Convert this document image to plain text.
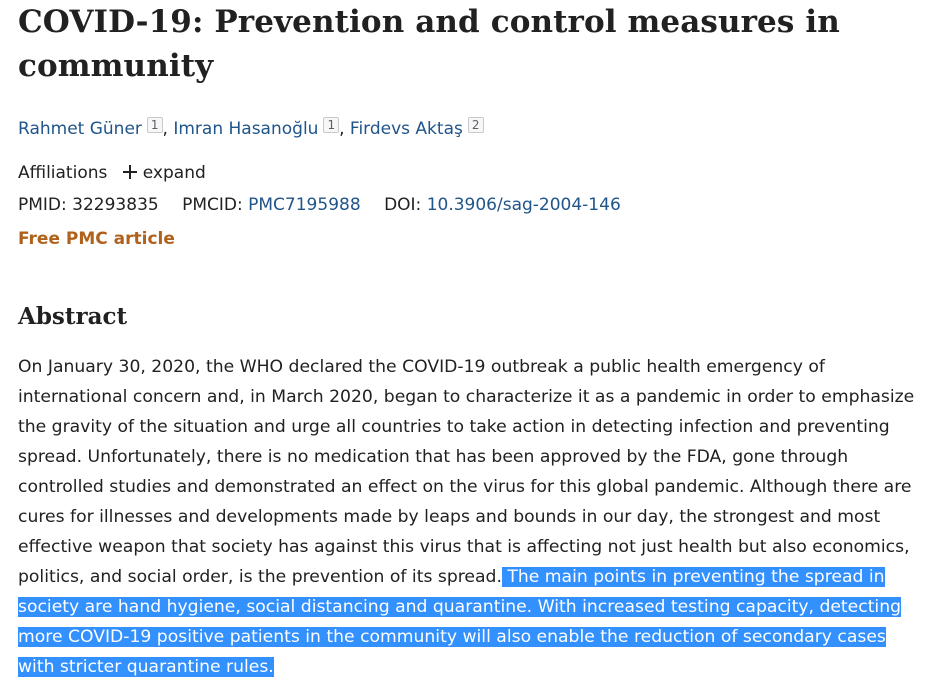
COVID-19: Prevention and control measures in community
Rahmet Güner 1 , Imran Hasanoğlu 1 , Firdevs Aktaş 2
Affiliations expand
PMID: 32293835 PMCID: PMC7195988 DOI: 10.3906/sag-2004-146
Free PMC article
Abstract
On January 30, 2020, the WHO declared the COVID-19 outbreak a public health emergency of international concern and, in March 2020, began to characterize it as a pandemic in order to emphasize the gravity of the situation and urge all countries to take action in detecting infection and preventing spread. Unfortunately, there is no medication that has been approved by the FDA, gone through controlled studies and demonstrated an effect on the virus for this global pandemic. Although there are cures for illnesses and developments made by leaps and bounds in our day, the strongest and most effective weapon that society has against this virus that is affecting not just health but also economics, politics, and social order, is the prevention of its spread. The main points in preventing the spread in society are hand hygiene, social distancing and quarantine. With increased testing capacity, detecting more COVID-19 positive patients in the community will also enable the reduction of secondary cases with stricter quarantine rules.
